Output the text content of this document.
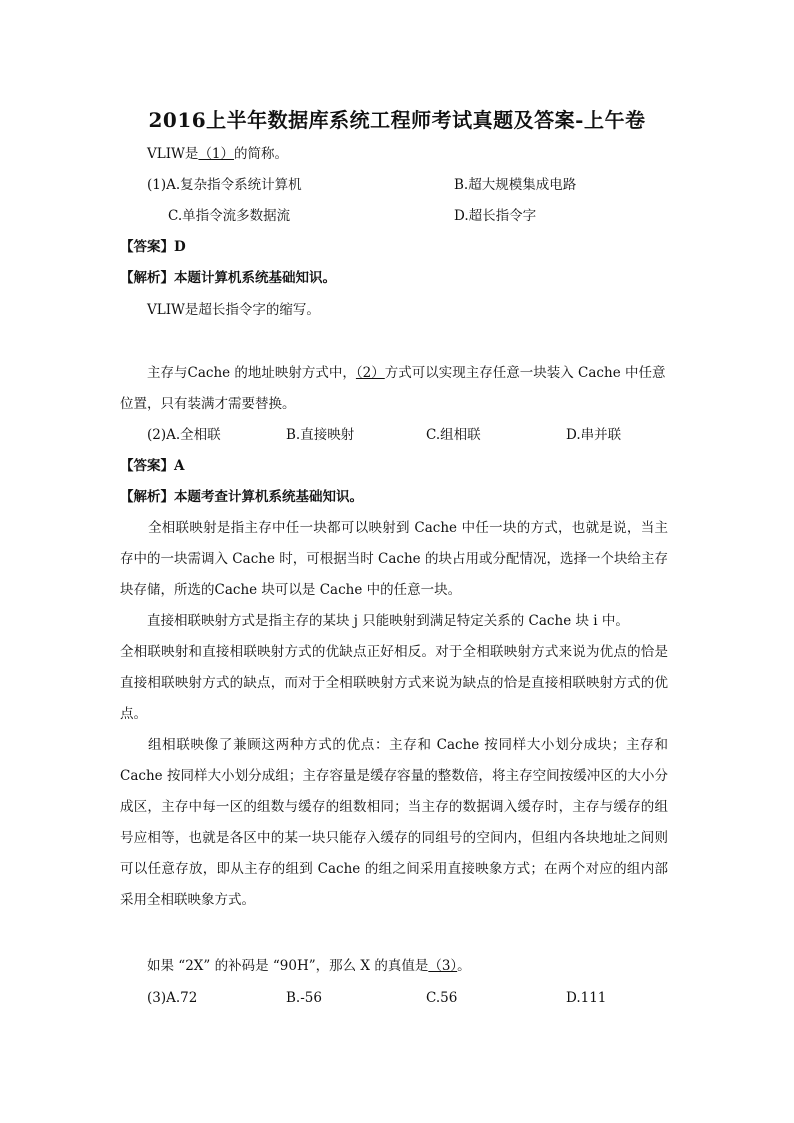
2016上半年数据库系统工程师考试真题及答案-上午卷
VLIW是（1）的简称。
(1)A.复杂指令系统计算机	B.超大规模集成电路
C.单指令流多数据流	D.超长指令字
【答案】D
【解析】本题计算机系统基础知识。
VLIW是超长指令字的缩写。
主存与Cache 的地址映射方式中，（2）方式可以实现主存任意一块装入 Cache 中任意
位置，只有装满才需要替换。
(2)A.全相联	B.直接映射	C.组相联	D.串并联
【答案】A
【解析】本题考查计算机系统基础知识。
全相联映射是指主存中任一块都可以映射到 Cache 中任一块的方式，也就是说，当主存中的一块需调入 Cache 时，可根据当时 Cache 的块占用或分配情况，选择一个块给主存块存储，所选的Cache 块可以是 Cache 中的任意一块。
直接相联映射方式是指主存的某块 j 只能映射到满足特定关系的 Cache 块 i 中。
全相联映射和直接相联映射方式的优缺点正好相反。对于全相联映射方式来说为优点的恰是直接相联映射方式的缺点，而对于全相联映射方式来说为缺点的恰是直接相联映射方式的优点。
组相联映像了兼顾这两种方式的优点：主存和 Cache 按同样大小划分成块；主存和 Cache 按同样大小划分成组；主存容量是缓存容量的整数倍，将主存空间按缓冲区的大小分成区，主存中每一区的组数与缓存的组数相同；当主存的数据调入缓存时，主存与缓存的组号应相等，也就是各区中的某一块只能存入缓存的同组号的空间内，但组内各块地址之间则可以任意存放，即从主存的组到 Cache 的组之间采用直接映象方式；在两个对应的组内部采用全相联映象方式。
如果 “2X” 的补码是 “90H”，那么 X 的真值是（3）。
(3)A.72	B.-56	C.56	D.111
